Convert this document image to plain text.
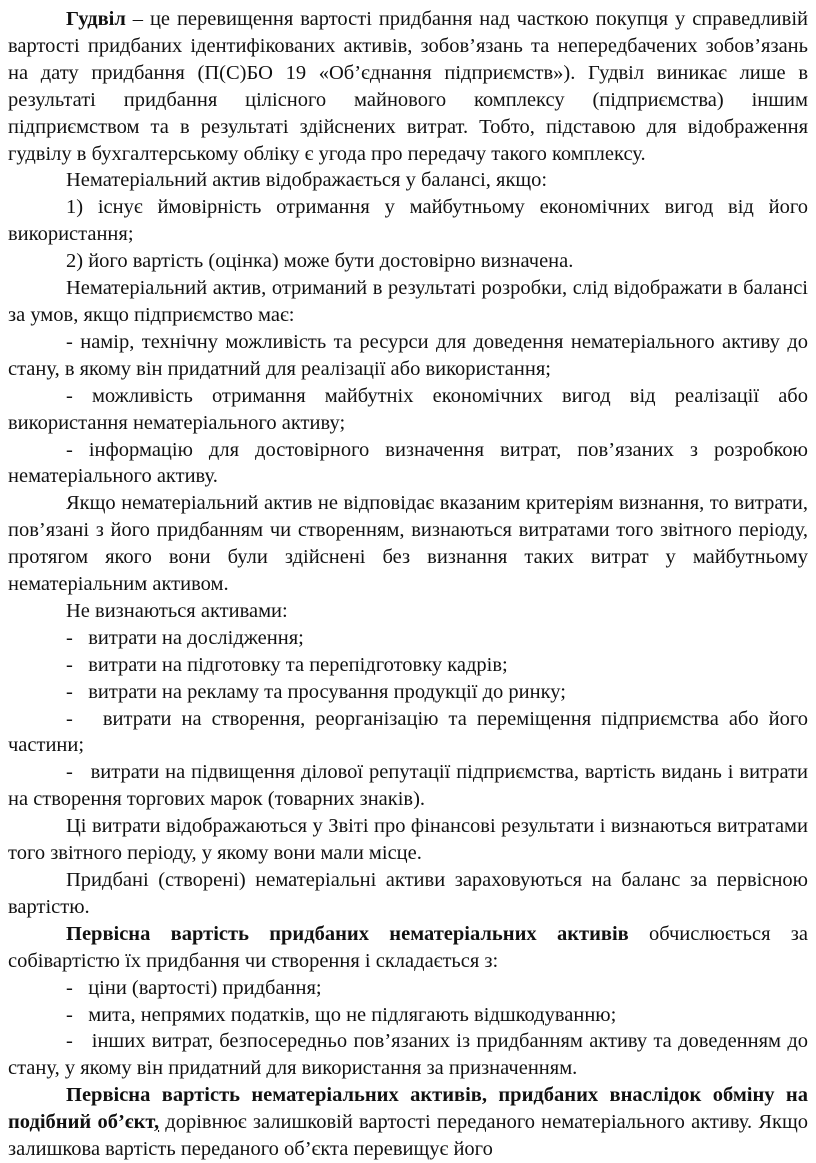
Гудвіл – це перевищення вартості придбання над часткою покупця у справедливій вартості придбаних ідентифікованих активів, зобов’язань та непередбачених зобов’язань на дату придбання (П(С)БО 19 «Об’єднання підприємств»). Гудвіл виникає лише в результаті придбання цілісного майнового комплексу (підприємства) іншим підприємством та в результаті здійснених витрат. Тобто, підставою для відображення гудвілу в бухгалтерському обліку є угода про передачу такого комплексу.

Нематеріальний актив відображається у балансі, якщо:

1) існує ймовірність отримання у майбутньому економічних вигод від його використання;

2) його вартість (оцінка) може бути достовірно визначена.

Нематеріальний актив, отриманий в результаті розробки, слід відображати в балансі за умов, якщо підприємство має:

- намір, технічну можливість та ресурси для доведення нематеріального активу до стану, в якому він придатний для реалізації або використання;

- можливість отримання майбутніх економічних вигод від реалізації або використання нематеріального активу;

- інформацію для достовірного визначення витрат, пов’язаних з розробкою нематеріального активу.

Якщо нематеріальний актив не відповідає вказаним критеріям визнання, то витрати, пов’язані з його придбанням чи створенням, визнаються витратами того звітного періоду, протягом якого вони були здійснені без визнання таких витрат у майбутньому нематеріальним активом.

Не визнаються активами:

-   витрати на дослідження;

-   витрати на підготовку та перепідготовку кадрів;

-   витрати на рекламу та просування продукції до ринку;

-   витрати на створення, реорганізацію та переміщення підприємства або його частини;

-   витрати на підвищення ділової репутації підприємства, вартість видань і витрати на створення торгових марок (товарних знаків).

Ці витрати відображаються у Звіті про фінансові результати і визнаються витратами того звітного періоду, у якому вони мали місце.

Придбані (створені) нематеріальні активи зараховуються на баланс за первісною вартістю.

Первісна вартість придбаних нематеріальних активів обчислюється за собівартістю їх придбання чи створення і складається з:

-   ціни (вартості) придбання;

-   мита, непрямих податків, що не підлягають відшкодуванню;

-   інших витрат, безпосередньо пов’язаних із придбанням активу та доведенням до стану, у якому він придатний для використання за призначенням.

Первісна вартість нематеріальних активів, придбаних внаслідок обміну на подібний об’єкт, дорівнює залишковій вартості переданого нематеріального активу. Якщо залишкова вартість переданого об’єкта перевищує його
